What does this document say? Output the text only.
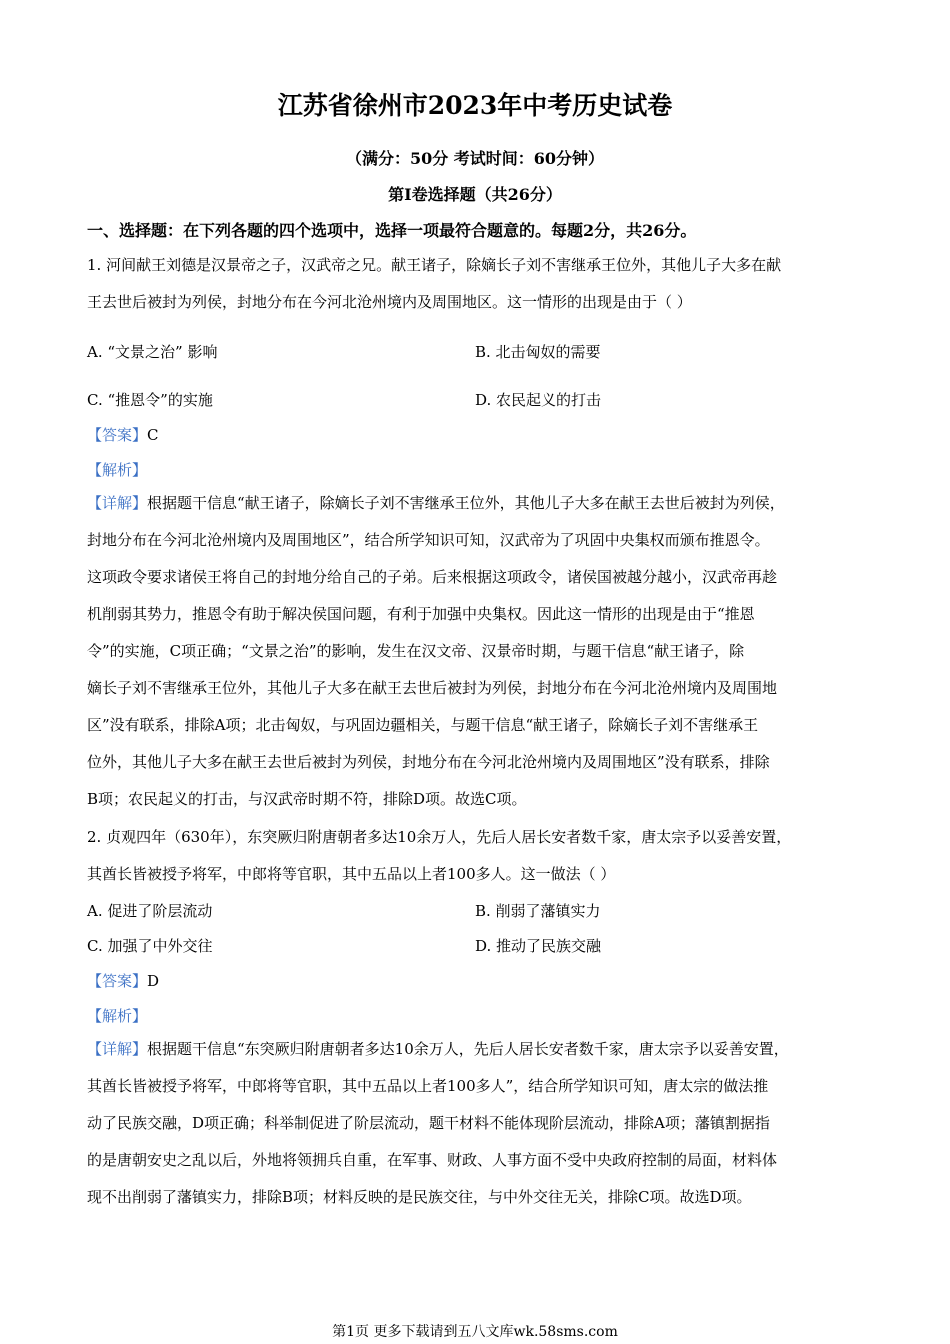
江苏省徐州市2023年中考历史试卷
（满分：50分 考试时间：60分钟）
第Ⅰ卷选择题（共26分）
一、选择题：在下列各题的四个选项中，选择一项最符合题意的。每题2分，共26分。
1. 河间献王刘德是汉景帝之子，汉武帝之兄。献王诸子，除嫡长子刘不害继承王位外，其他儿子大多在献
王去世后被封为列侯，封地分布在今河北沧州境内及周围地区。这一情形的出现是由于（ ）
A. “文景之治” 影响	B. 北击匈奴的需要
C. “推恩令”的实施	D. 农民起义的打击
【答案】C
【解析】
【详解】根据题干信息“献王诸子，除嫡长子刘不害继承王位外，其他儿子大多在献王去世后被封为列侯，
封地分布在今河北沧州境内及周围地区”，结合所学知识可知，汉武帝为了巩固中央集权而颁布推恩令。
这项政令要求诸侯王将自己的封地分给自己的子弟。后来根据这项政令，诸侯国被越分越小，汉武帝再趁
机削弱其势力，推恩令有助于解决侯国问题，有利于加强中央集权。因此这一情形的出现是由于“推恩
令”的实施，C项正确；“文景之治”的影响，发生在汉文帝、汉景帝时期，与题干信息“献王诸子，除
嫡长子刘不害继承王位外，其他儿子大多在献王去世后被封为列侯，封地分布在今河北沧州境内及周围地
区”没有联系，排除A项；北击匈奴，与巩固边疆相关，与题干信息“献王诸子，除嫡长子刘不害继承王
位外，其他儿子大多在献王去世后被封为列侯，封地分布在今河北沧州境内及周围地区”没有联系，排除
B项；农民起义的打击，与汉武帝时期不符，排除D项。故选C项。
2. 贞观四年（630年），东突厥归附唐朝者多达10余万人，先后人居长安者数千家，唐太宗予以妥善安置，
其酋长皆被授予将军，中郎将等官职，其中五品以上者100多人。这一做法（ ）
A. 促进了阶层流动	B. 削弱了藩镇实力
C. 加强了中外交往	D. 推动了民族交融
【答案】D
【解析】
【详解】根据题干信息“东突厥归附唐朝者多达10余万人，先后人居长安者数千家，唐太宗予以妥善安置，
其酋长皆被授予将军，中郎将等官职，其中五品以上者100多人”，结合所学知识可知，唐太宗的做法推
动了民族交融，D项正确；科举制促进了阶层流动，题干材料不能体现阶层流动，排除A项；藩镇割据指
的是唐朝安史之乱以后，外地将领拥兵自重，在军事、财政、人事方面不受中央政府控制的局面，材料体
现不出削弱了藩镇实力，排除B项；材料反映的是民族交往，与中外交往无关，排除C项。故选D项。
第1页 更多下载请到五八文库wk.58sms.com
